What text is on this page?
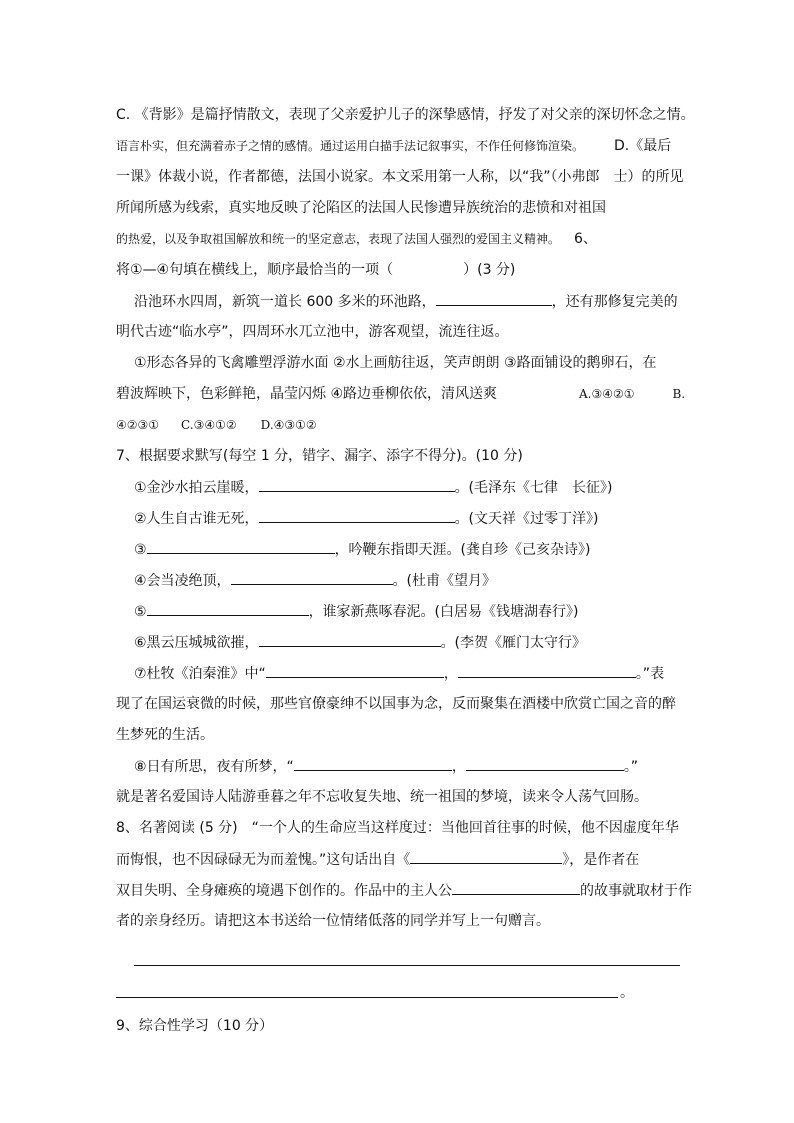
C. 《背影》是篇抒情散文，表现了父亲爱护儿子的深挚感情，抒发了对父亲的深切怀念之情。
语言朴实，但充满着赤子之情的感情。通过运用白描手法记叙事实，不作任何修饰渲染。 D.《最后
一课》体裁小说，作者都德，法国小说家。本文采用第一人称，以“我”（小弗郎 士）的所见
所闻所感为线索，真实地反映了沦陷区的法国人民惨遭异族统治的悲愤和对祖国
的热爱，以及争取祖国解放和统一的坚定意志，表现了法国人强烈的爱国主义精神。 6、
将①—④句填在横线上，顺序最恰当的一项（	）(3 分)
沿池环水四周，新筑一道长 600 多米的环池路，	，还有那修复完美的
明代古迹“临水亭”，四周环水兀立池中，游客观望，流连往返。
①形态各异的飞禽雕塑浮游水面 ②水上画舫往返，笑声朗朗 ③路面铺设的鹅卵石，在
碧波辉映下，色彩鲜艳，晶莹闪烁 ④路边垂柳依依，清风送爽	A.③④②①	B.
④②③① C.③④①② D.④③①②
7、根据要求默写(每空 1 分，错字、漏字、添字不得分)。(10 分)
①金沙水拍云崖暖，	。(毛泽东《七律　长征》)
②人生自古谁无死，	。(文天祥《过零丁洋》)
③	，吟鞭东指即天涯。(龚自珍《己亥杂诗》)
④会当凌绝顶，	。(杜甫《望月》
⑤	，谁家新燕啄春泥。(白居易《钱塘湖春行》)
⑥黑云压城城欲摧，	。(李贺《雁门太守行》
⑦杜牧《泊秦淮》中“	，	。”表
现了在国运衰微的时候，那些官僚豪绅不以国事为念，反而聚集在酒楼中欣赏亡国之音的醉
生梦死的生活。
⑧日有所思，夜有所梦，“	，	。”
就是著名爱国诗人陆游垂暮之年不忘收复失地、统一祖国的梦境，读来令人荡气回肠。
8、名著阅读 (5 分)　“一个人的生命应当这样度过：当他回首往事的时候，他不因虚度年华
而悔恨，也不因碌碌无为而羞愧。”这句话出自《	》，是作者在
双目失明、全身瘫痪的境遇下创作的。作品中的主人公	的故事就取材于作
者的亲身经历。请把这本书送给一位情绪低落的同学并写上一句赠言。
。
9、综合性学习（10 分）
